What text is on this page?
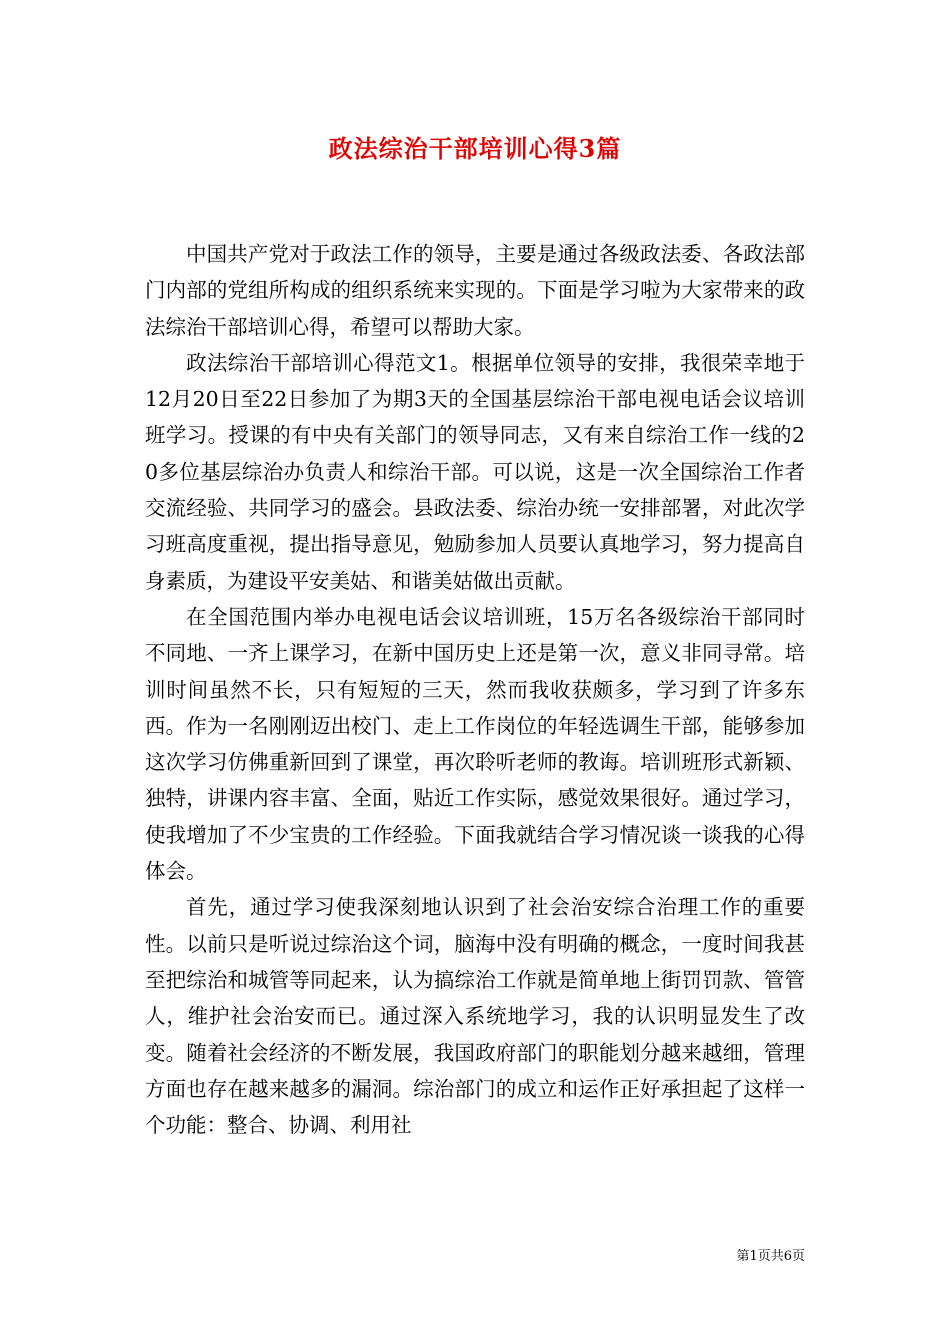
政法综治干部培训心得3篇

中国共产党对于政法工作的领导，主要是通过各级政法委、各政法部门内部的党组所构成的组织系统来实现的。下面是学习啦为大家带来的政法综治干部培训心得，希望可以帮助大家。

政法综治干部培训心得范文1。根据单位领导的安排，我很荣幸地于12月20日至22日参加了为期3天的全国基层综治干部电视电话会议培训班学习。授课的有中央有关部门的领导同志，又有来自综治工作一线的20多位基层综治办负责人和综治干部。可以说，这是一次全国综治工作者交流经验、共同学习的盛会。县政法委、综治办统一安排部署，对此次学习班高度重视，提出指导意见，勉励参加人员要认真地学习，努力提高自身素质，为建设平安美姑、和谐美姑做出贡献。

在全国范围内举办电视电话会议培训班，15万名各级综治干部同时不同地、一齐上课学习，在新中国历史上还是第一次，意义非同寻常。培训时间虽然不长，只有短短的三天，然而我收获颇多，学习到了许多东西。作为一名刚刚迈出校门、走上工作岗位的年轻选调生干部，能够参加这次学习仿佛重新回到了课堂，再次聆听老师的教诲。培训班形式新颖、独特，讲课内容丰富、全面，贴近工作实际，感觉效果很好。通过学习，使我增加了不少宝贵的工作经验。下面我就结合学习情况谈一谈我的心得体会。

首先，通过学习使我深刻地认识到了社会治安综合治理工作的重要性。以前只是听说过综治这个词，脑海中没有明确的概念，一度时间我甚至把综治和城管等同起来，认为搞综治工作就是简单地上街罚罚款、管管人，维护社会治安而已。通过深入系统地学习，我的认识明显发生了改变。随着社会经济的不断发展，我国政府部门的职能划分越来越细，管理方面也存在越来越多的漏洞。综治部门的成立和运作正好承担起了这样一个功能：整合、协调、利用社

第1页共6页
